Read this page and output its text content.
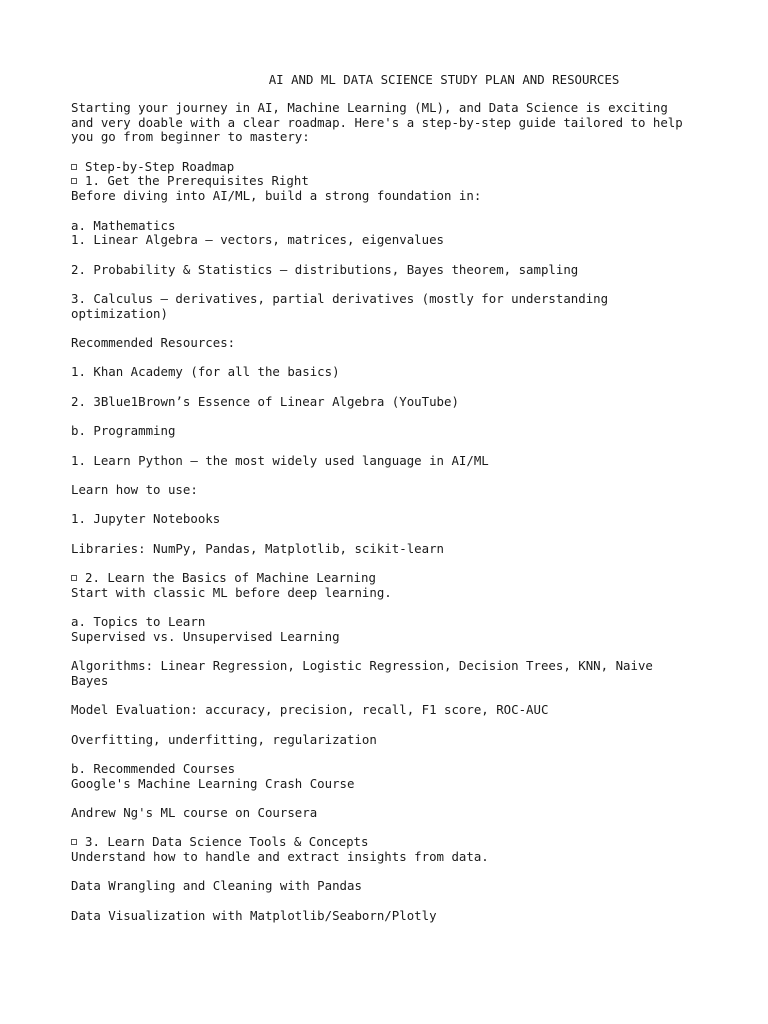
AI AND ML DATA SCIENCE STUDY PLAN AND RESOURCES
Starting your journey in AI, Machine Learning (ML), and Data Science is exciting
and very doable with a clear roadmap. Here's a step-by-step guide tailored to help
you go from beginner to mastery:
Step-by-Step Roadmap
1. Get the Prerequisites Right
Before diving into AI/ML, build a strong foundation in:
a. Mathematics
1. Linear Algebra – vectors, matrices, eigenvalues
2. Probability & Statistics – distributions, Bayes theorem, sampling
3. Calculus – derivatives, partial derivatives (mostly for understanding
optimization)
Recommended Resources:
1. Khan Academy (for all the basics)
2. 3Blue1Brown’s Essence of Linear Algebra (YouTube)
b. Programming
1. Learn Python – the most widely used language in AI/ML
Learn how to use:
1. Jupyter Notebooks
Libraries: NumPy, Pandas, Matplotlib, scikit-learn
2. Learn the Basics of Machine Learning
Start with classic ML before deep learning.
a. Topics to Learn
Supervised vs. Unsupervised Learning
Algorithms: Linear Regression, Logistic Regression, Decision Trees, KNN, Naive
Bayes
Model Evaluation: accuracy, precision, recall, F1 score, ROC-AUC
Overfitting, underfitting, regularization
b. Recommended Courses
Google's Machine Learning Crash Course
Andrew Ng's ML course on Coursera
3. Learn Data Science Tools & Concepts
Understand how to handle and extract insights from data.
Data Wrangling and Cleaning with Pandas
Data Visualization with Matplotlib/Seaborn/Plotly
